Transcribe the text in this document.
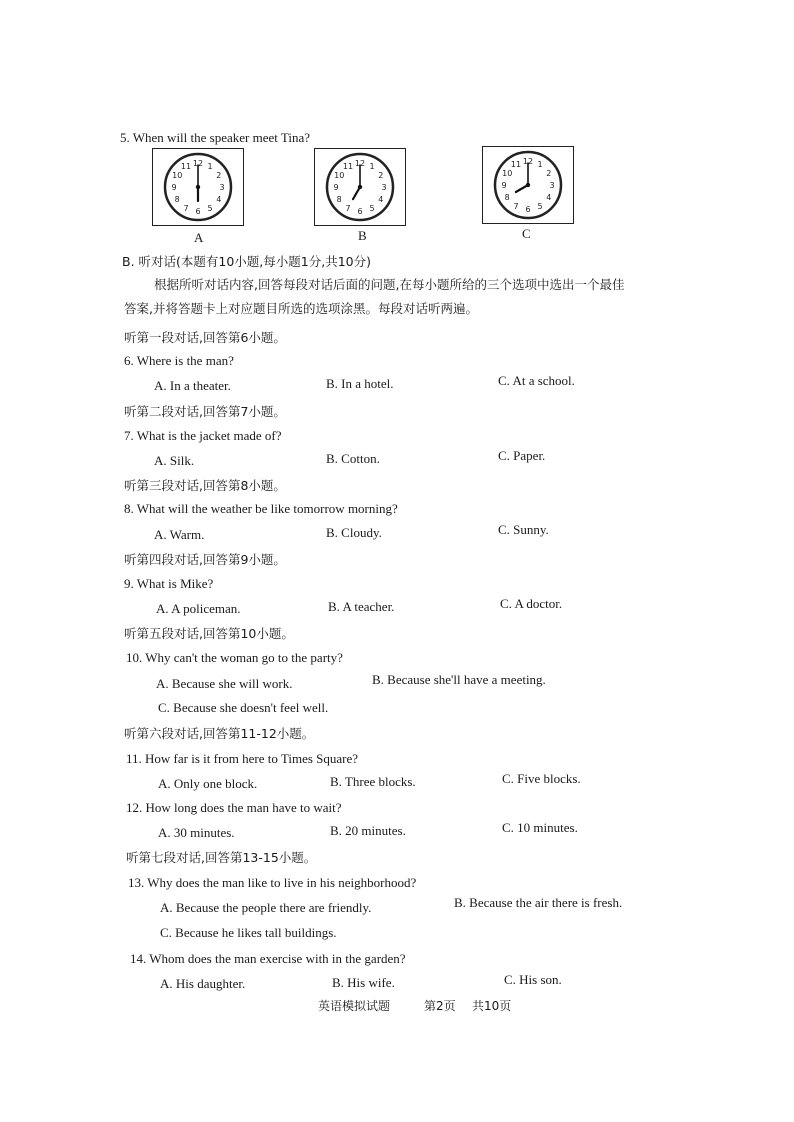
5. When will the speaker meet Tina?
12 1
2
3
4
5
6
7
8
9
10
11	12 1
2
3
4
5
6
7
8
9
10
11
12 1
2
3
4
5
6
7
8
9
10
11
A	B	C
B. 听对话(本题有10小题,每小题1分,共10分)
根据所听对话内容,回答每段对话后面的问题,在每小题所给的三个选项中选出一个最佳
答案,并将答题卡上对应题目所选的选项涂黑。每段对话听两遍。
听第一段对话,回答第6小题。
6. Where is the man?
A. In a theater.	B. In a hotel.	C. At a school.
听第二段对话,回答第7小题。
7. What is the jacket made of?
A. Silk.	B. Cotton.	C. Paper.
听第三段对话,回答第8小题。
8. What will the weather be like tomorrow morning?
A. Warm.	B. Cloudy.	C. Sunny.
听第四段对话,回答第9小题。
9. What is Mike?
A. A policeman.	B. A teacher.	C. A doctor.
听第五段对话,回答第10小题。
10. Why can't the woman go to the party?
A. Because she will work.	B. Because she'll have a meeting.
C. Because she doesn't feel well.
听第六段对话,回答第11-12小题。
11. How far is it from here to Times Square?
A. Only one block.	B. Three blocks.	C. Five blocks.
12. How long does the man have to wait?
A. 30 minutes.	B. 20 minutes.	C. 10 minutes.
听第七段对话,回答第13-15小题。
13. Why does the man like to live in his neighborhood?
A. Because the people there are friendly.	B. Because the air there is fresh.
C. Because he likes tall buildings.
14. Whom does the man exercise with in the garden?
A. His daughter.	B. His wife.	C. His son.
英语模拟试题	第2页 共10页
